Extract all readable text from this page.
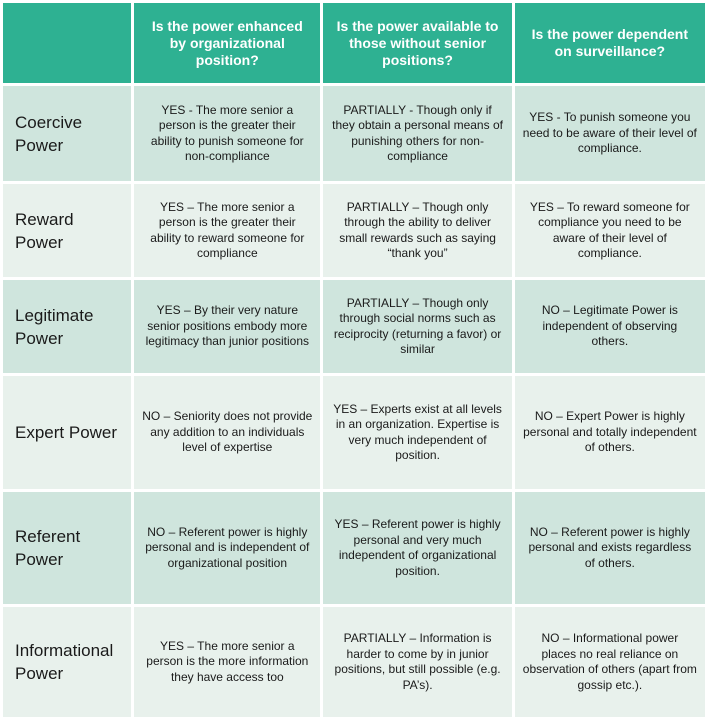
	Is the power enhanced by organizational position?	Is the power available to those without senior positions?	Is the power dependent on surveillance?
Coercive Power	YES - The more senior a person is the greater their ability to punish someone for non-compliance	PARTIALLY - Though only if they obtain a personal means of punishing others for non-compliance	YES - To punish someone you need to be aware of their level of compliance.
Reward Power	YES – The more senior a person is the greater their ability to reward someone for compliance	PARTIALLY – Though only through the ability to deliver small rewards such as saying “thank you”	YES – To reward someone for compliance you need to be aware of their level of compliance.
Legitimate Power	YES – By their very nature senior positions embody more legitimacy than junior positions	PARTIALLY – Though only through social norms such as reciprocity (returning a favor) or similar	NO – Legitimate Power is independent of observing others.
Expert Power	NO – Seniority does not provide any addition to an individuals level of expertise	YES – Experts exist at all levels in an organization. Expertise is very much independent of position.	NO – Expert Power is highly personal and totally independent of others.
Referent Power	NO – Referent power is highly personal and is independent of organizational position	YES – Referent power is highly personal and very much independent of organizational position.	NO – Referent power is highly personal and exists regardless of others.
Informational Power	YES – The more senior a person is the more information they have access too	PARTIALLY – Information is harder to come by in junior positions, but still possible (e.g. PA’s).	NO – Informational power places no real reliance on observation of others (apart from gossip etc.).
